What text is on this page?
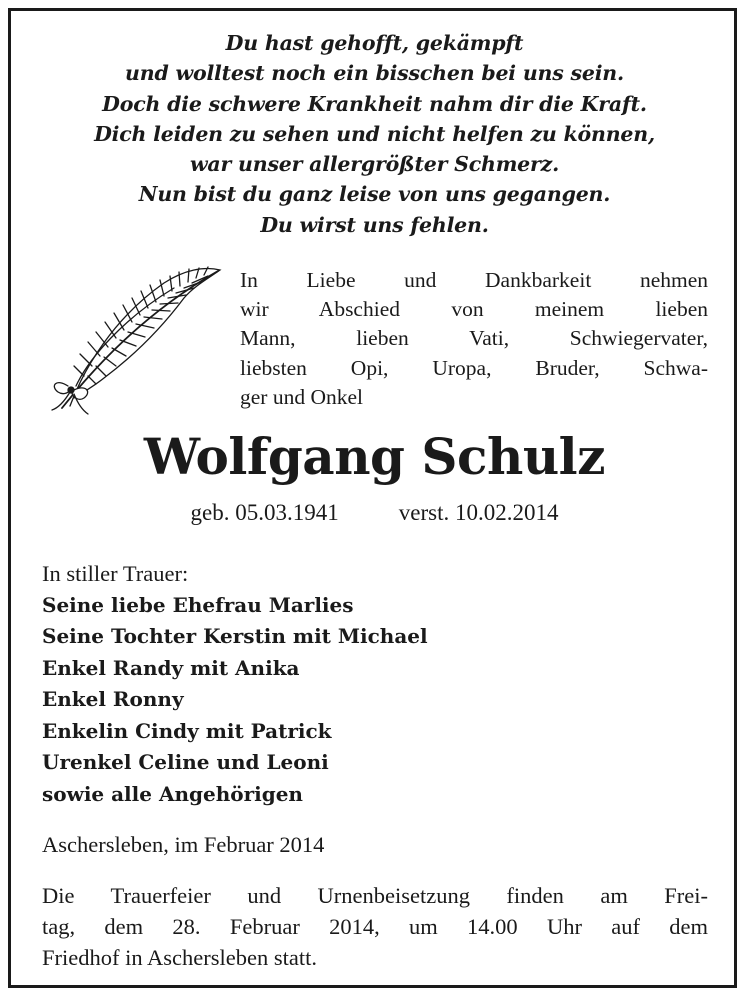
Du hast gehofft, gekämpft
und wolltest noch ein bisschen bei uns sein.
Doch die schwere Krankheit nahm dir die Kraft.
Dich leiden zu sehen und nicht helfen zu können,
war unser allergrößter Schmerz.
Nun bist du ganz leise von uns gegangen.
Du wirst uns fehlen.
In Liebe und Dankbarkeit nehmen
wir Abschied von meinem lieben
Mann, lieben Vati, Schwiegervater,
liebsten Opi, Uropa, Bruder, Schwa-
ger und Onkel
Wolfgang Schulz
geb. 05.03.1941	verst. 10.02.2014
In stiller Trauer:
Seine liebe Ehefrau Marlies
Seine Tochter Kerstin mit Michael
Enkel Randy mit Anika
Enkel Ronny
Enkelin Cindy mit Patrick
Urenkel Celine und Leoni
sowie alle Angehörigen
Aschersleben, im Februar 2014
Die Trauerfeier und Urnenbeisetzung finden am Frei-
tag, dem 28. Februar 2014, um 14.00 Uhr auf dem
Friedhof in Aschersleben statt.
